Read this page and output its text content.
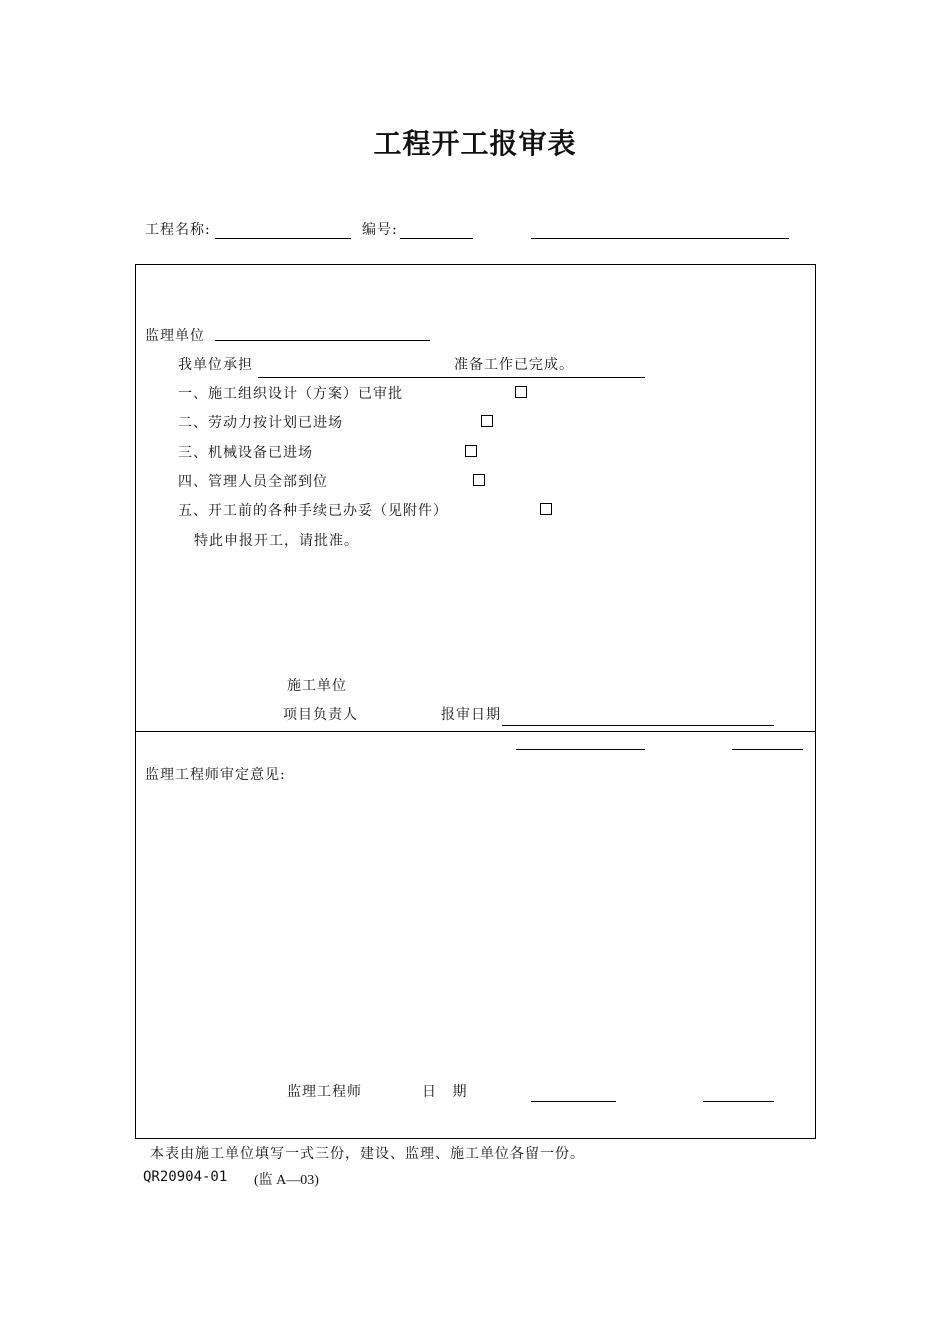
工程开工报审表
工程名称:	编号:
监理单位
我单位承担	准备工作已完成。
一、施工组织设计（方案）已审批
二、劳动力按计划已进场
三、机械设备已进场
四、管理人员全部到位
五、开工前的各种手续已办妥（见附件）
特此申报开工，请批准。
施工单位
项目负责人	报审日期
监理工程师审定意见:
监理工程师	日 期
本表由施工单位填写一式三份，建设、监理、施工单位各留一份。
QR20904-01 (监 A—03)
